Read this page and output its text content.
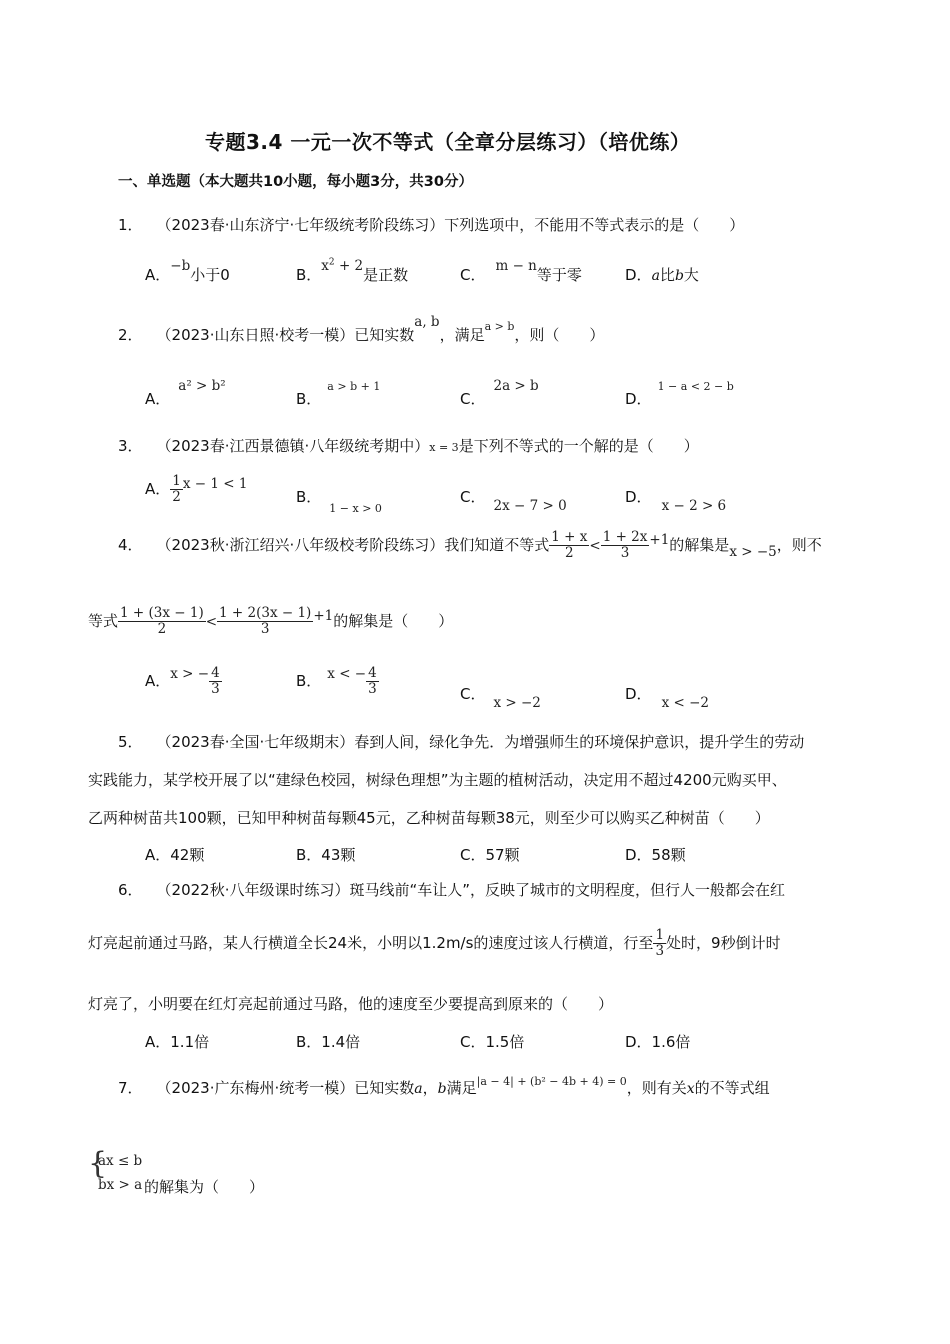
专题3.4 一元一次不等式（全章分层练习）（培优练）
一、单选题（本大题共10小题，每小题3分，共30分）
1． （2023春·山东济宁·七年级统考阶段练习）下列选项中，不能用不等式表示的是（　　）
A．−b小于0	B．$x^2 + 2$是正数	C． m − n等于零	D．a比b大
2． （2023·山东日照·校考一模）已知实数a, b，满足$^{a > b}$，则（　　）
A．a² > b²
B．$^{a > b + 1}$
C．2a > b
D．$^{1 - a < 2 - b}$
3． （2023春·江西景德镇·八年级统考期中）x = 3是下列不等式的一个解的是（　　）
A． $\frac{1}{2}$ x − 1 < 1
B．$_{1 - x > 0}$
C． 2x − 7 > 0	D． x − 2 > 6
4． （2023秋·浙江绍兴·八年级校考阶段练习）我们知道不等式 $\frac{1 + x}{2} < \frac{1 + 2x}{3} +1$的解集是x > −5，则不
等式 $\frac{1 + (3x - 1)}{2} < \frac{1 + 2(3x - 1)}{3} +1$的解集是（　　）
A．x > − $\frac{4}{3}$	B． x < − $\frac{4}{3}$	C． x > −2	D． x < −2
5． （2023春·全国·七年级期末）春到人间，绿化争先．为增强师生的环境保护意识，提升学生的劳动
实践能力，某学校开展了以“建绿色校园，树绿色理想”为主题的植树活动，决定用不超过4200元购买甲、
乙两种树苗共100颗，已知甲种树苗每颗45元，乙种树苗每颗38元，则至少可以购买乙种树苗（　　）
A．42颗	B．43颗	C．57颗	D．58颗
6． （2022秋·八年级课时练习）斑马线前“车让人”，反映了城市的文明程度，但行人一般都会在红
灯亮起前通过马路，某人行横道全长24米，小明以1.2m/s的速度过该人行横道，行至 $\frac{1}{3}$ 处时，9秒倒计时
灯亮了，小明要在红灯亮起前通过马路，他的速度至少要提高到原来的（　　）
A．1.1倍	B．1.4倍	C．1.5倍	D．1.6倍
7． （2023·广东梅州·统考一模）已知实数a，b满足$^{|a - 4| + (b^2 - 4b + 4) = 0}$，则有关x的不等式组
{
ax ≤ b
bx > a 的解集为（　　）
